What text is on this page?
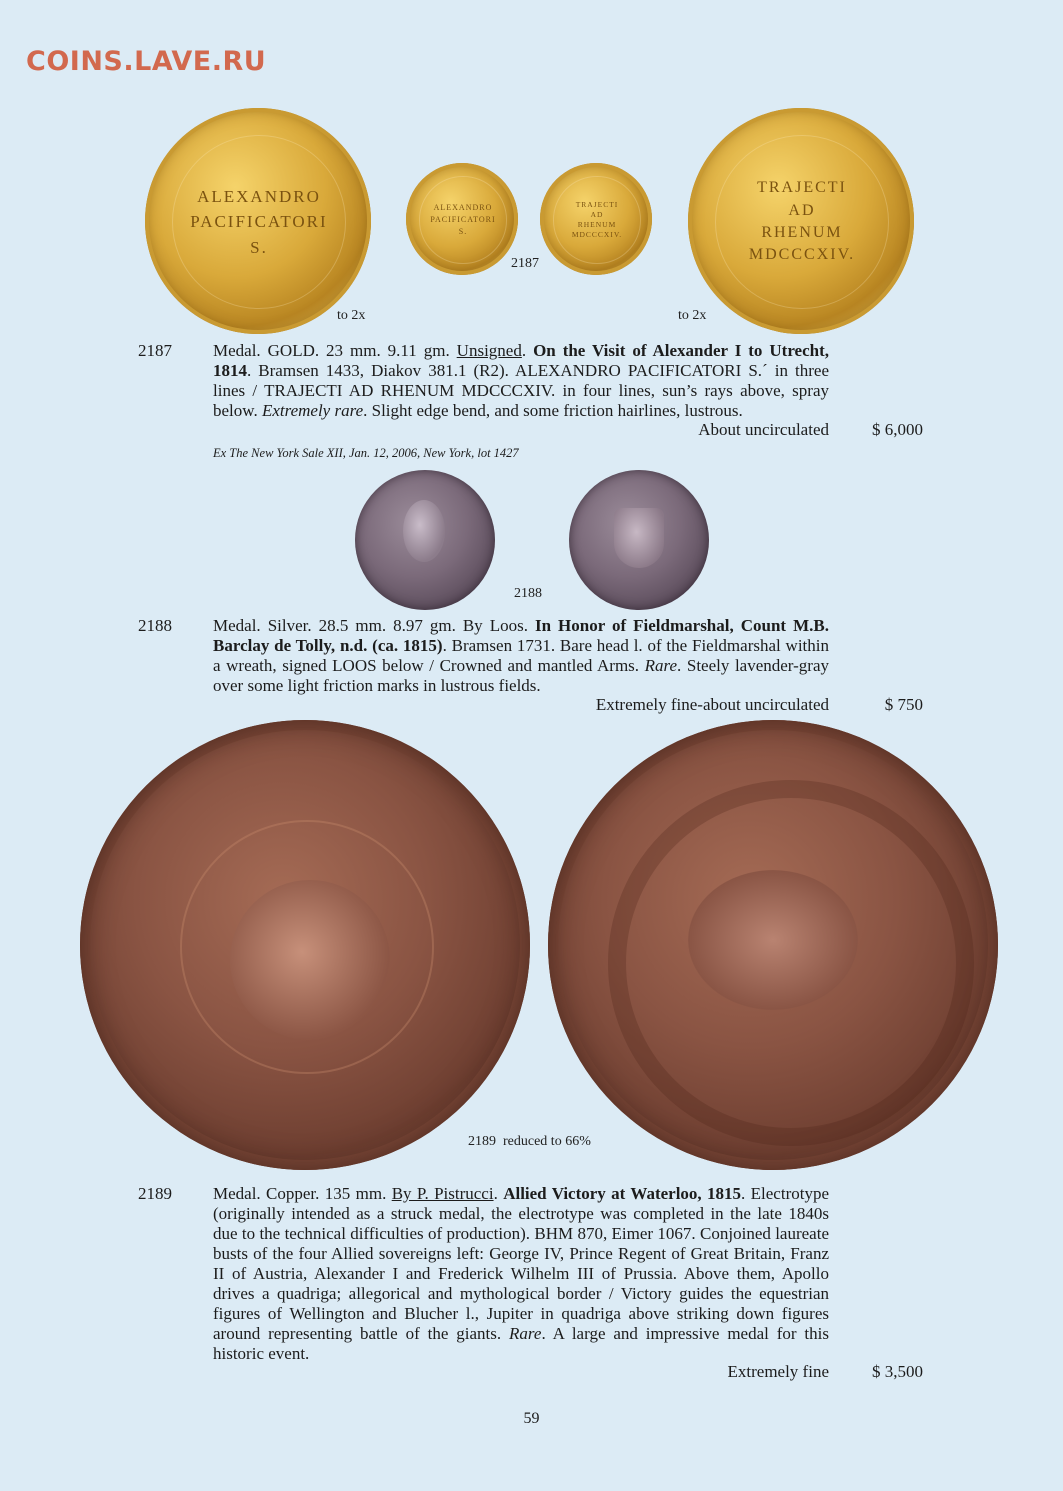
COINS.LAVE.RU
ALEXANDRO
PACIFICATORI
S.
ALEXANDRO
PACIFICATORI
S.
TRAJECTI
AD
RHENUM
MDCCCXIV.
TRAJECTI
AD
RHENUM
MDCCCXIV.
to 2x
2187
to 2x
2187 Medal. GOLD. 23 mm. 9.11 gm. Unsigned. On the Visit of Alexander I to Utrecht, 1814. Bramsen 1433, Diakov 381.1 (R2). ALEXANDRO PACIFICATORI S.´ in three lines / TRAJECTI AD RHENUM MDCCCXIV. in four lines, sun’s rays above, spray below. Extremely rare. Slight edge bend, and some friction hairlines, lustrous.
About uncirculated	$ 6,000
Ex The New York Sale XII, Jan. 12, 2006, New York, lot 1427
2188
2188 Medal. Silver. 28.5 mm. 8.97 gm. By Loos. In Honor of Fieldmarshal, Count M.B. Barclay de Tolly, n.d. (ca. 1815). Bramsen 1731. Bare head l. of the Fieldmarshal within a wreath, signed LOOS below / Crowned and mantled Arms. Rare. Steely lavender-gray over some light friction marks in lustrous fields.
Extremely fine-about uncirculated	$ 750
2189  reduced to 66%
2189 Medal. Copper. 135 mm. By P. Pistrucci. Allied Victory at Waterloo, 1815. Electrotype (originally intended as a struck medal, the electrotype was completed in the late 1840s due to the technical difficulties of production). BHM 870, Eimer 1067. Conjoined laureate busts of the four Allied sovereigns left: George IV, Prince Regent of Great Britain, Franz II of Austria, Alexander I and Frederick Wilhelm III of Prussia. Above them, Apollo drives a quadriga; allegorical and mythological border / Victory guides the equestrian figures of Wellington and Blucher l., Jupiter in quadriga above striking down figures around representing battle of the giants. Rare. A large and impressive medal for this historic event.
Extremely fine	$ 3,500
59
